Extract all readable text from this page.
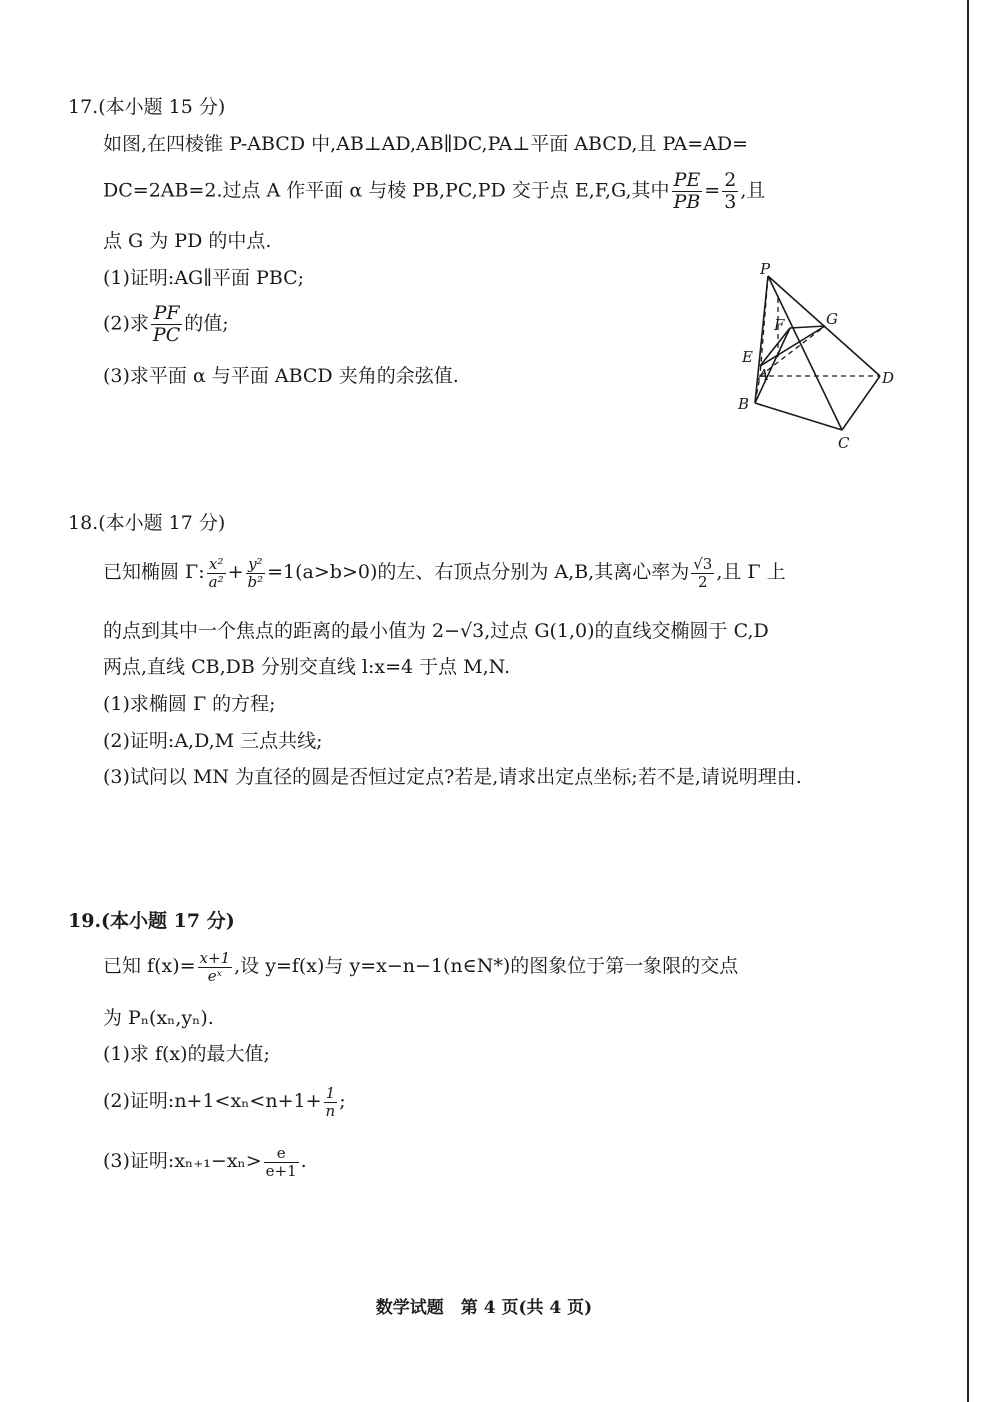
17.(本小题 15 分)
如图,在四棱锥 P-ABCD 中,AB⊥AD,AB∥DC,PA⊥平面 ABCD,且 PA=AD=
DC=2AB=2.过点 A 作平面 α 与棱 PB,PC,PD 交于点 E,F,G,其中 $\frac{PE}{PB} = \frac{2}{3}$ ,且
点 G 为 PD 的中点.
(1)证明:AG∥平面 PBC;
(2)求 $\frac{PF}{PC}$ 的值;
(3)求平面 α 与平面 ABCD 夹角的余弦值.
P
F	G
E
A	D
B
C
18.(本小题 17 分)
已知椭圆 Γ: $\frac{\text{x²}}{\text{a²}} + \frac{\text{y²}}{\text{b²}} =1(a>b>0)$的左、右顶点分别为 A,B,其离心率为 $\frac{√3}{2}$ ,且 Γ 上
的点到其中一个焦点的距离的最小值为 2−√3,过点 G(1,0)的直线交椭圆于 C,D
两点,直线 CB,DB 分别交直线 l:x=4 于点 M,N.
(1)求椭圆 Γ 的方程;
(2)证明:A,D,M 三点共线;
(3)试问以 MN 为直径的圆是否恒过定点?若是,请求出定点坐标;若不是,请说明理由.
19.(本小题 17 分)
已知 $f(x)= \frac{x+1}{\text{eˣ}}$ ,设 y=f(x)与 y=x−n−1(n∈N*)的图象位于第一象限的交点
为 Pₙ(xₙ,yₙ).
(1)求 f(x)的最大值;
(2)证明:n+1<xₙ<n+1+ $\frac{1}{n}$ ;
(3)证明:xₙ₊₁−xₙ> $\frac{e}{e+1}$ .
数学试题　第 4 页(共 4 页)
